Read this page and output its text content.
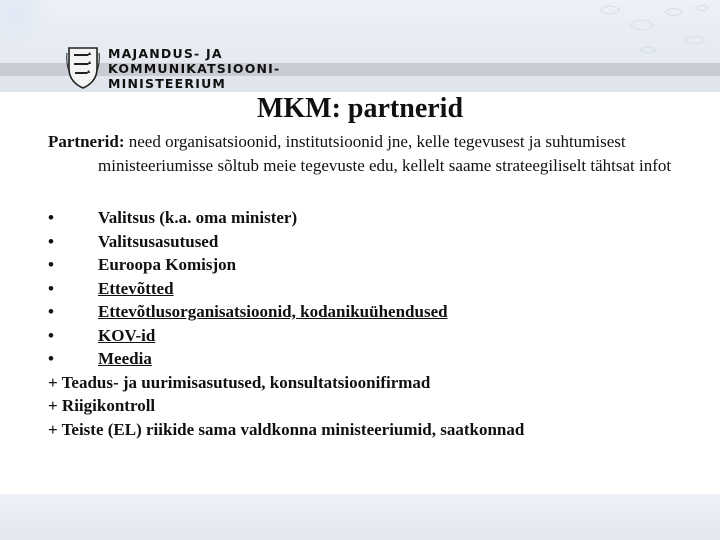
MAJANDUS- JA
KOMMUNIKATSIOONI-
MINISTEERIUM
MKM: partnerid

Partnerid: need organisatsioonid, institutsioonid jne, kelle tegevusest ja suhtumisest ministeeriumisse sõltub meie tegevuste edu, kellelt saame strateegiliselt tähtsat infot

•	Valitsus (k.a. oma minister)
•	Valitsusasutused
•	Euroopa Komisjon
•	Ettevõtted
•	Ettevõtlusorganisatsioonid, kodanikuühendused
•	KOV-id
•	Meedia
+ Teadus- ja uurimisasutused, konsultatsioonifirmad
+ Riigikontroll
+ Teiste (EL) riikide sama valdkonna ministeeriumid, saatkonnad
